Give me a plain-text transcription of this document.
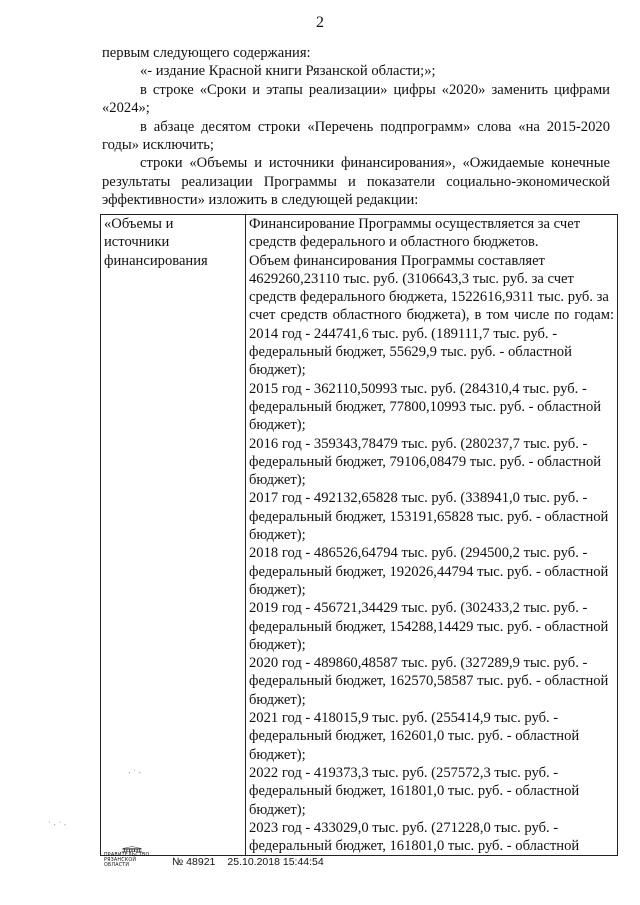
2

первым следующего содержания:

«- издание Красной книги Рязанской области;»;

в строке «Сроки и этапы реализации» цифры «2020» заменить цифрами «2024»;

в абзаце десятом строки «Перечень подпрограмм» слова «на 2015-2020 годы» исключить;

строки «Объемы и источники финансирования», «Ожидаемые конечные результаты реализации Программы и показатели социально-экономической эффективности» изложить в следующей редакции:

«Объемы и
источники
финансирования

Финансирование Программы осуществляется за счет средств федерального и областного бюджетов.
Объем финансирования Программы составляет 4629260,23110 тыс. руб. (3106643,3 тыс. руб. за счет средств федерального бюджета, 1522616,9311 тыс. руб. за счет средств областного бюджета), в том числе по годам:
2014 год - 244741,6 тыс. руб. (189111,7 тыс. руб. - федеральный бюджет, 55629,9 тыс. руб. - областной бюджет);
2015 год - 362110,50993 тыс. руб. (284310,4 тыс. руб. - федеральный бюджет, 77800,10993 тыс. руб. - областной бюджет);
2016 год - 359343,78479 тыс. руб. (280237,7 тыс. руб. - федеральный бюджет, 79106,08479 тыс. руб. - областной бюджет);
2017 год - 492132,65828 тыс. руб. (338941,0 тыс. руб. - федеральный бюджет, 153191,65828 тыс. руб. - областной бюджет);
2018 год - 486526,64794 тыс. руб. (294500,2 тыс. руб. - федеральный бюджет, 192026,44794 тыс. руб. - областной бюджет);
2019 год - 456721,34429 тыс. руб. (302433,2 тыс. руб. - федеральный бюджет, 154288,14429 тыс. руб. - областной бюджет);
2020 год - 489860,48587 тыс. руб. (327289,9 тыс. руб. - федеральный бюджет, 162570,58587 тыс. руб. - областной бюджет);
2021 год - 418015,9 тыс. руб. (255414,9 тыс. руб. - федеральный бюджет, 162601,0 тыс. руб. - областной бюджет);
2022 год - 419373,3 тыс. руб. (257572,3 тыс. руб. - федеральный бюджет, 161801,0 тыс. руб. - областной бюджет);
2023 год - 433029,0 тыс. руб. (271228,0 тыс. руб. - федеральный бюджет, 161801,0 тыс. руб. - областной
‧ ˙ ‧
˙ ‧ ˙ ‧
ПРАВИТЕЛЬСТВО РЯЗАНСКОЙ ОБЛАСТИ	№ 48921 25.10.2018 15:44:54
